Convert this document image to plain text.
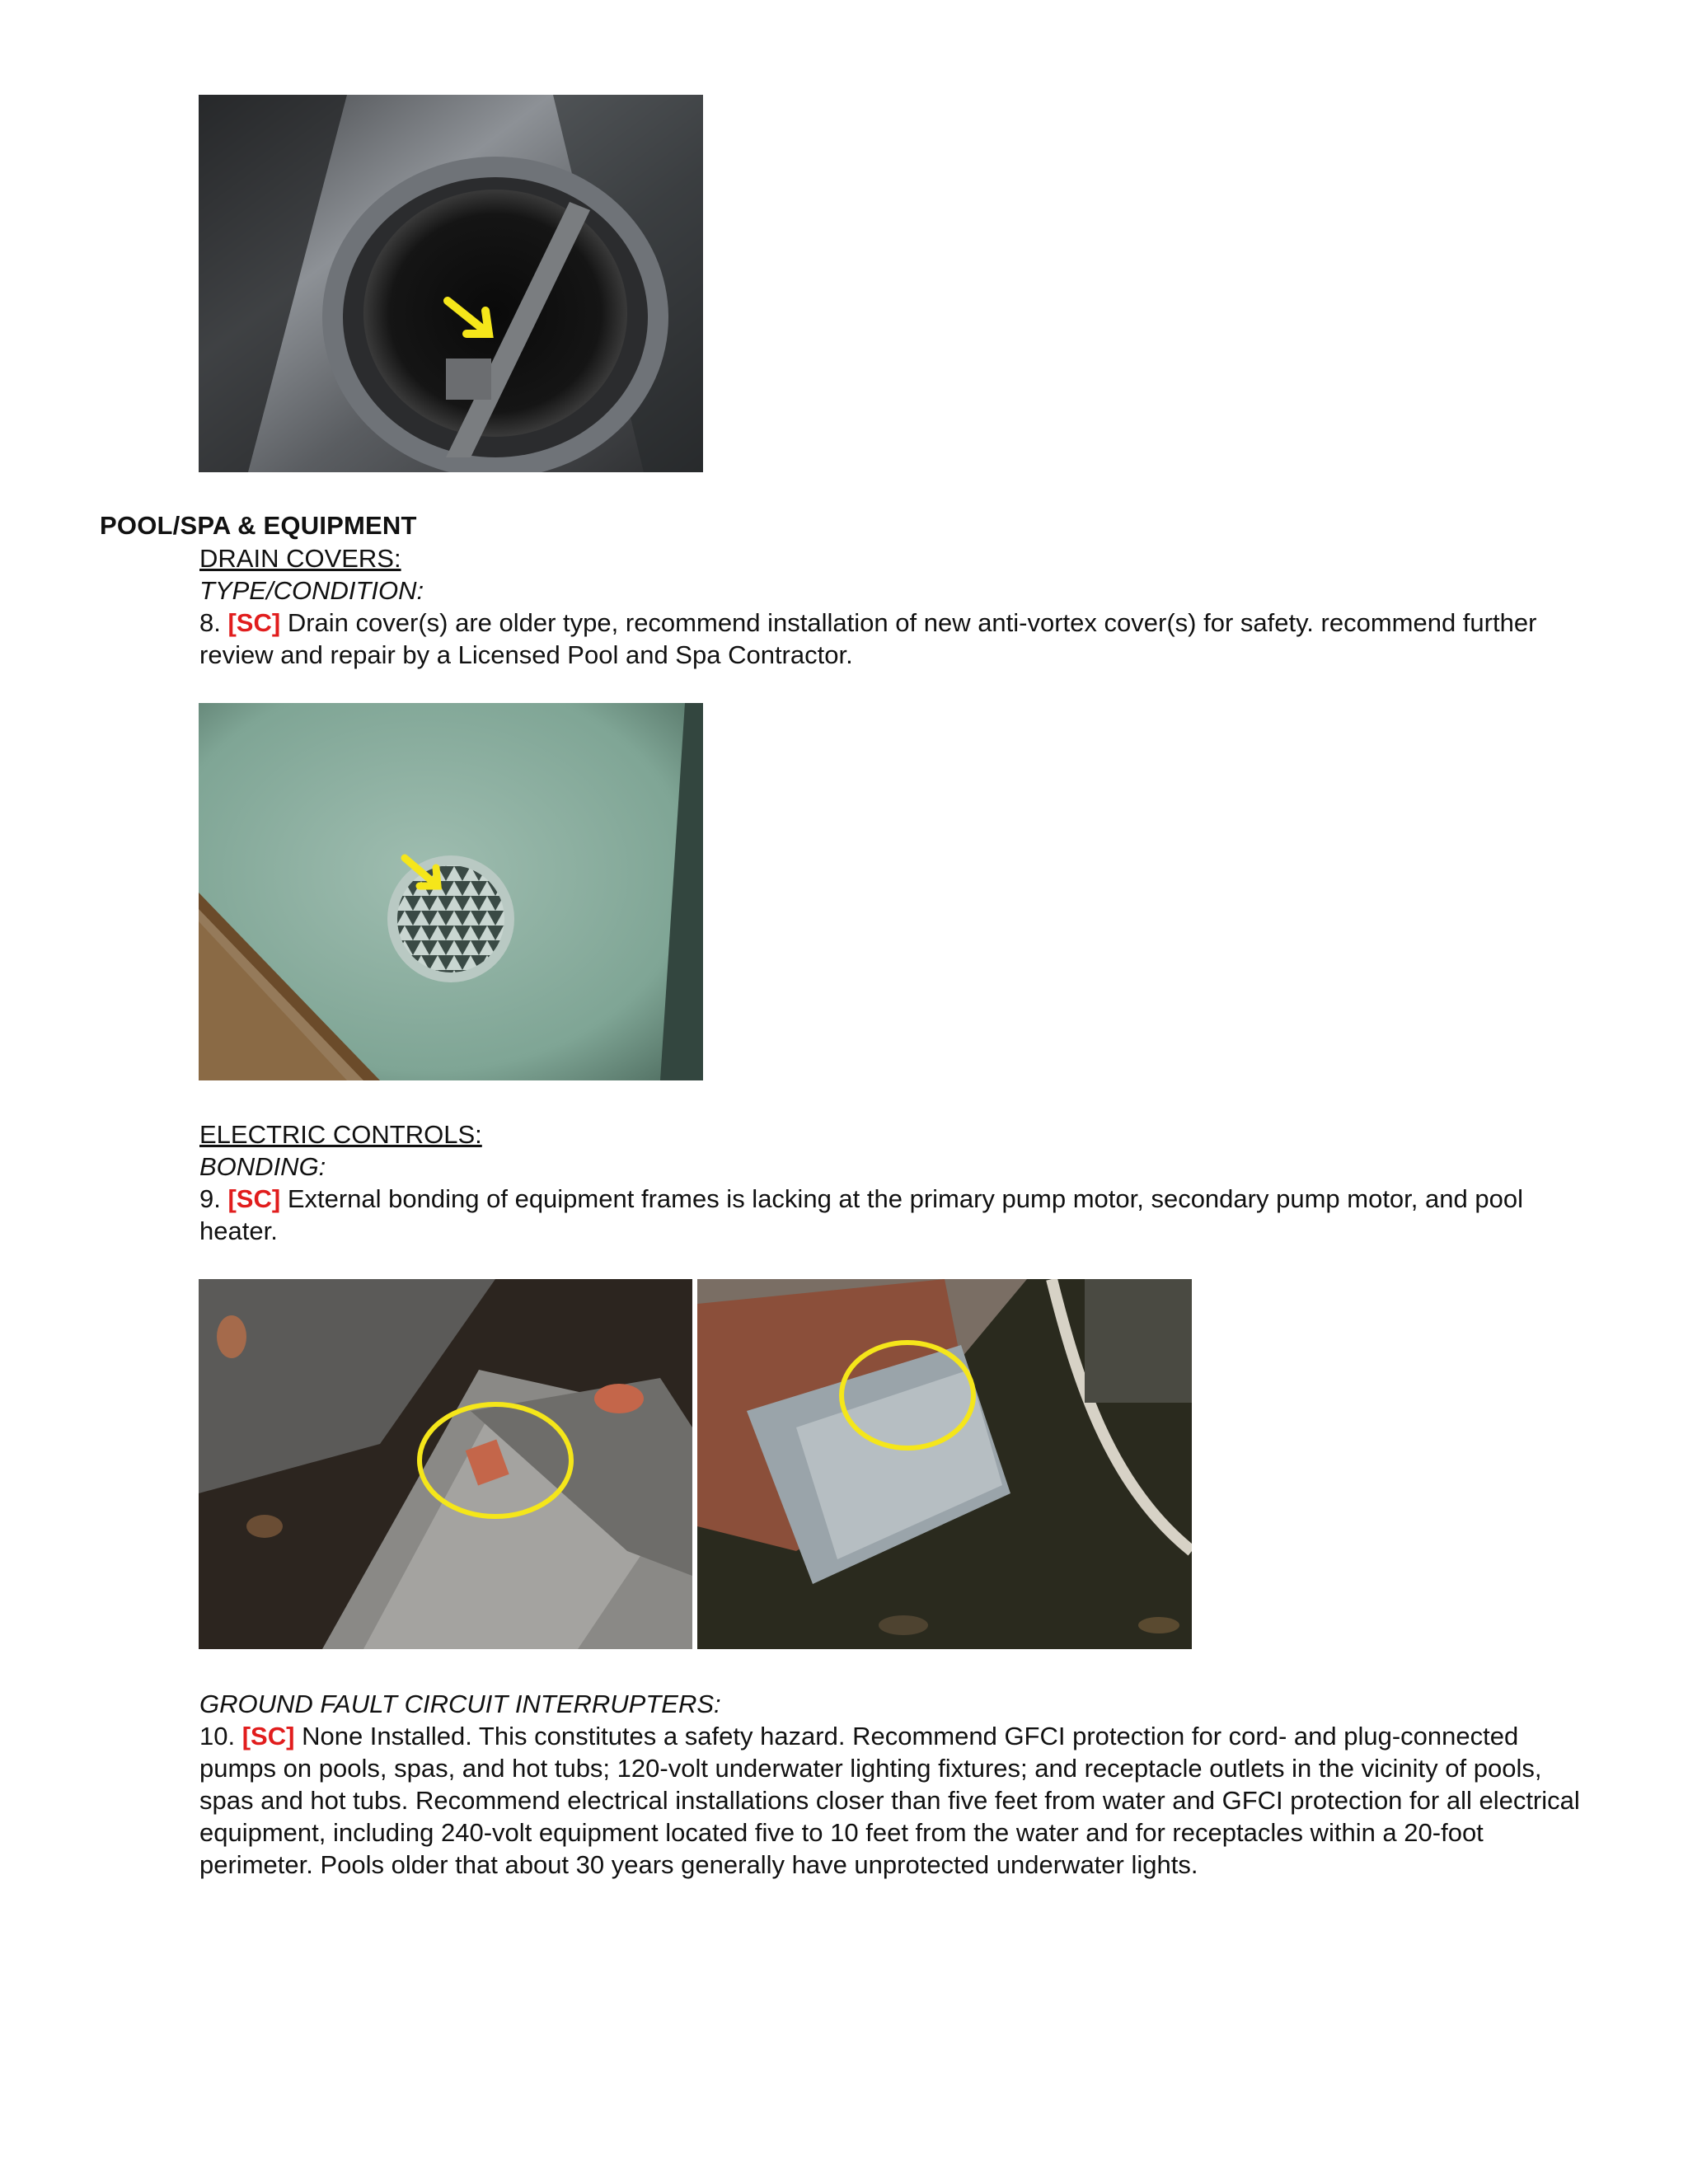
POOL/SPA & EQUIPMENT
DRAIN COVERS:
TYPE/CONDITION:
8. [SC] Drain cover(s) are older type, recommend installation of new anti-vortex cover(s) for safety. recommend further review and repair by a Licensed Pool and Spa Contractor.
ELECTRIC CONTROLS:
BONDING:
9. [SC] External bonding of equipment frames is lacking at the primary pump motor, secondary pump motor, and pool heater.
GROUND FAULT CIRCUIT INTERRUPTERS:
10. [SC] None Installed. This constitutes a safety hazard. Recommend GFCI protection for cord- and plug-connected pumps on pools, spas, and hot tubs; 120-volt underwater lighting fixtures; and receptacle outlets in the vicinity of pools, spas and hot tubs. Recommend electrical installations closer than five feet from water and GFCI protection for all electrical equipment, including 240-volt equipment located five to 10 feet from the water and for receptacles within a 20-foot perimeter. Pools older that about 30 years generally have unprotected underwater lights.
